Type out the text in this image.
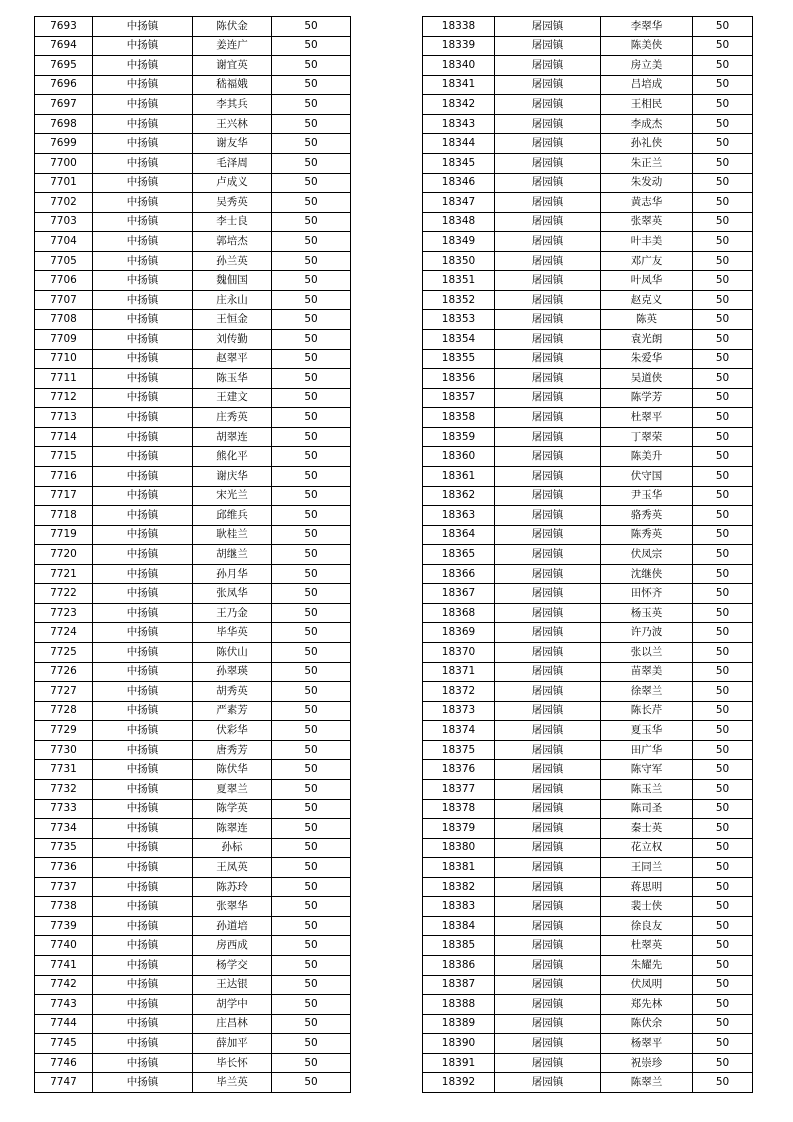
7693	中扬镇	陈伏金	50
7694	中扬镇	姜连广	50
7695	中扬镇	谢宜英	50
7696	中扬镇	嵇福娥	50
7697	中扬镇	李其兵	50
7698	中扬镇	王兴林	50
7699	中扬镇	谢友华	50
7700	中扬镇	毛泽周	50
7701	中扬镇	卢成义	50
7702	中扬镇	吴秀英	50
7703	中扬镇	李士良	50
7704	中扬镇	郭培杰	50
7705	中扬镇	孙兰英	50
7706	中扬镇	魏佃国	50
7707	中扬镇	庄永山	50
7708	中扬镇	王恒金	50
7709	中扬镇	刘传勤	50
7710	中扬镇	赵翠平	50
7711	中扬镇	陈玉华	50
7712	中扬镇	王建文	50
7713	中扬镇	庄秀英	50
7714	中扬镇	胡翠连	50
7715	中扬镇	熊化平	50
7716	中扬镇	谢庆华	50
7717	中扬镇	宋光兰	50
7718	中扬镇	邱维兵	50
7719	中扬镇	耿桂兰	50
7720	中扬镇	胡继兰	50
7721	中扬镇	孙月华	50
7722	中扬镇	张凤华	50
7723	中扬镇	王乃金	50
7724	中扬镇	毕华英	50
7725	中扬镇	陈伏山	50
7726	中扬镇	孙翠瑛	50
7727	中扬镇	胡秀英	50
7728	中扬镇	严素芳	50
7729	中扬镇	伏彩华	50
7730	中扬镇	唐秀芳	50
7731	中扬镇	陈伏华	50
7732	中扬镇	夏翠兰	50
7733	中扬镇	陈学英	50
7734	中扬镇	陈翠连	50
7735	中扬镇	孙标	50
7736	中扬镇	王凤英	50
7737	中扬镇	陈苏玲	50
7738	中扬镇	张翠华	50
7739	中扬镇	孙道培	50
7740	中扬镇	房西成	50
7741	中扬镇	杨学交	50
7742	中扬镇	王达银	50
7743	中扬镇	胡学中	50
7744	中扬镇	庄昌林	50
7745	中扬镇	薛加平	50
7746	中扬镇	毕长怀	50
7747	中扬镇	毕兰英	50
18338	屠园镇	李翠华	50
18339	屠园镇	陈美侠	50
18340	屠园镇	房立美	50
18341	屠园镇	吕培成	50
18342	屠园镇	王相民	50
18343	屠园镇	李成杰	50
18344	屠园镇	孙礼侠	50
18345	屠园镇	朱正兰	50
18346	屠园镇	朱发动	50
18347	屠园镇	黄志华	50
18348	屠园镇	张翠英	50
18349	屠园镇	叶丰美	50
18350	屠园镇	邓广友	50
18351	屠园镇	叶凤华	50
18352	屠园镇	赵克义	50
18353	屠园镇	陈英	50
18354	屠园镇	袁光朗	50
18355	屠园镇	朱爱华	50
18356	屠园镇	吴道侠	50
18357	屠园镇	陈学芳	50
18358	屠园镇	杜翠平	50
18359	屠园镇	丁翠荣	50
18360	屠园镇	陈美升	50
18361	屠园镇	伏守国	50
18362	屠园镇	尹玉华	50
18363	屠园镇	骆秀英	50
18364	屠园镇	陈秀英	50
18365	屠园镇	伏凤宗	50
18366	屠园镇	沈继侠	50
18367	屠园镇	田怀齐	50
18368	屠园镇	杨玉英	50
18369	屠园镇	许乃波	50
18370	屠园镇	张以兰	50
18371	屠园镇	苗翠美	50
18372	屠园镇	徐翠兰	50
18373	屠园镇	陈长芹	50
18374	屠园镇	夏玉华	50
18375	屠园镇	田广华	50
18376	屠园镇	陈守军	50
18377	屠园镇	陈玉兰	50
18378	屠园镇	陈司圣	50
18379	屠园镇	秦士英	50
18380	屠园镇	花立权	50
18381	屠园镇	王同兰	50
18382	屠园镇	蒋思明	50
18383	屠园镇	裴士侠	50
18384	屠园镇	徐良友	50
18385	屠园镇	杜翠英	50
18386	屠园镇	朱耀先	50
18387	屠园镇	伏凤明	50
18388	屠园镇	郑先林	50
18389	屠园镇	陈伏余	50
18390	屠园镇	杨翠平	50
18391	屠园镇	祝崇珍	50
18392	屠园镇	陈翠兰	50
